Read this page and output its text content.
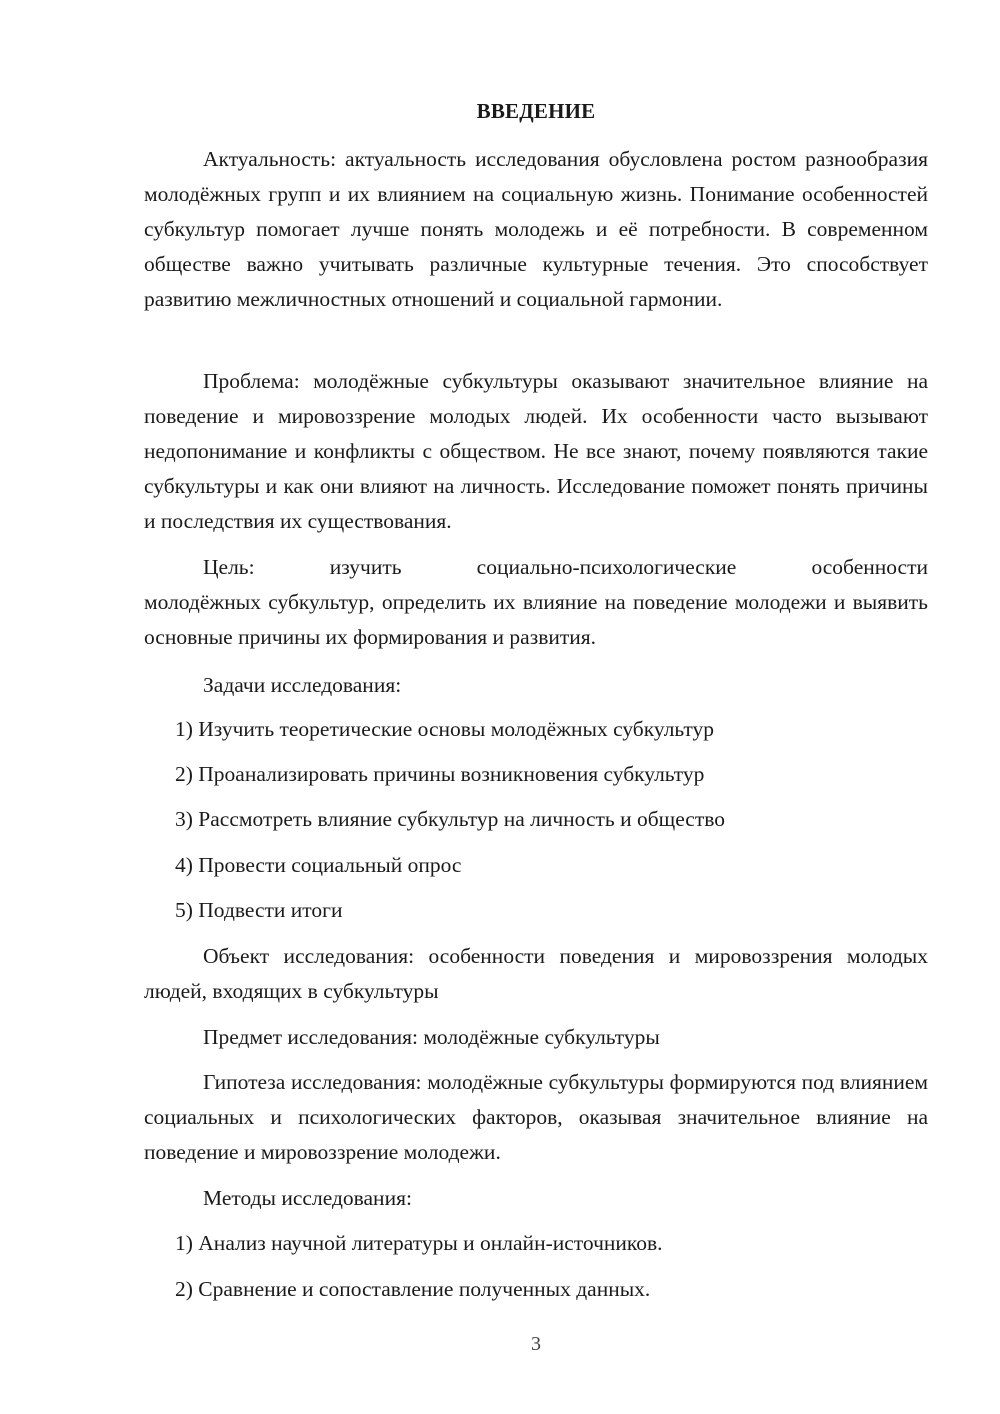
ВВЕДЕНИЕ

Актуальность: актуальность исследования обусловлена ростом разнообразия молодёжных групп и их влиянием на социальную жизнь. Понимание особенностей субкультур помогает лучше понять молодежь и её потребности. В современном обществе важно учитывать различные культурные течения. Это способствует развитию межличностных отношений и социальной гармонии.

Проблема: молодёжные субкультуры оказывают значительное влияние на поведение и мировоззрение молодых людей. Их особенности часто вызывают недопонимание и конфликты с обществом. Не все знают, почему появляются такие субкультуры и как они влияют на личность. Исследование поможет понять причины и последствия их существования.

Цель: изучить социально-психологические особенности

молодёжных субкультур, определить их влияние на поведение молодежи и выявить основные причины их формирования и развития.

Задачи исследования:

1) Изучить теоретические основы молодёжных субкультур

2) Проанализировать причины возникновения субкультур

3) Рассмотреть влияние субкультур на личность и общество

4) Провести социальный опрос

5) Подвести итоги

Объект исследования: особенности поведения и мировоззрения молодых людей, входящих в субкультуры

Предмет исследования: молодёжные субкультуры

Гипотеза исследования: молодёжные субкультуры формируются под влиянием социальных и психологических факторов, оказывая значительное влияние на поведение и мировоззрение молодежи.

Методы исследования:

1) Анализ научной литературы и онлайн-источников.

2) Сравнение и сопоставление полученных данных.

3
